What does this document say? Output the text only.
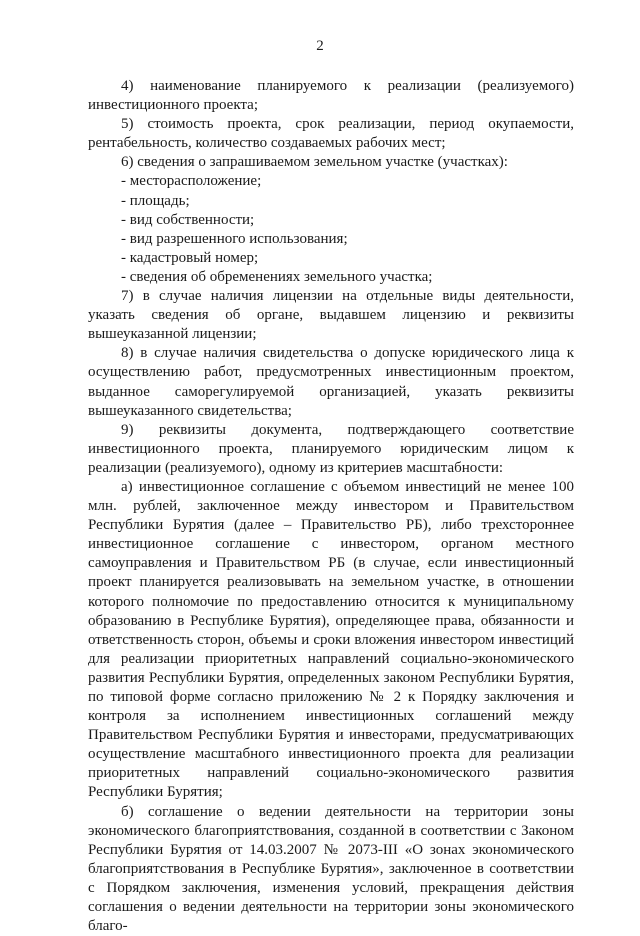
2

4) наименование планируемого к реализации (реализуемого) инвестиционного проекта;

5) стоимость проекта, срок реализации, период окупаемости, рентабельность, количество создаваемых рабочих мест;

6) сведения о запрашиваемом земельном участке (участках):

- месторасположение;

- площадь;

- вид собственности;

- вид разрешенного использования;

- кадастровый номер;

- сведения об обременениях земельного участка;

7) в случае наличия лицензии на отдельные виды деятельности, указать сведения об органе, выдавшем лицензию и реквизиты вышеуказанной лицензии;

8) в случае наличия свидетельства о допуске юридического лица к осуществлению работ, предусмотренных инвестиционным проектом, выданное саморегулируемой организацией, указать реквизиты вышеуказанного свидетельства;

9) реквизиты документа, подтверждающего соответствие инвестиционного проекта, планируемого юридическим лицом к реализации (реализуемого), одному из критериев масштабности:

а) инвестиционное соглашение с объемом инвестиций не менее 100 млн. рублей, заключенное между инвестором и Правительством Республики Бурятия (далее – Правительство РБ), либо трехстороннее инвестиционное соглашение с инвестором, органом местного самоуправления и Правительством РБ (в случае, если инвестиционный проект планируется реализовывать на земельном участке, в отношении которого полномочие по предоставлению относится к муниципальному образованию в Республике Бурятия), определяющее права, обязанности и ответственность сторон, объемы и сроки вложения инвестором инвестиций для реализации приоритетных направлений социально-экономического развития Республики Бурятия, определенных законом Республики Бурятия, по типовой форме согласно приложению № 2 к Порядку заключения и контроля за исполнением инвестиционных соглашений между Правительством Республики Бурятия и инвесторами, предусматривающих осуществление масштабного инвестиционного проекта для реализации приоритетных направлений социально-экономического развития Республики Бурятия;

б) соглашение о ведении деятельности на территории зоны экономического благоприятствования, созданной в соответствии с Законом Республики Бурятия от 14.03.2007 № 2073-III «О зонах экономического благоприятствования в Республике Бурятия», заключенное в соответствии с Порядком заключения, изменения условий, прекращения действия соглашения о ведении деятельности на территории зоны экономического благо-
